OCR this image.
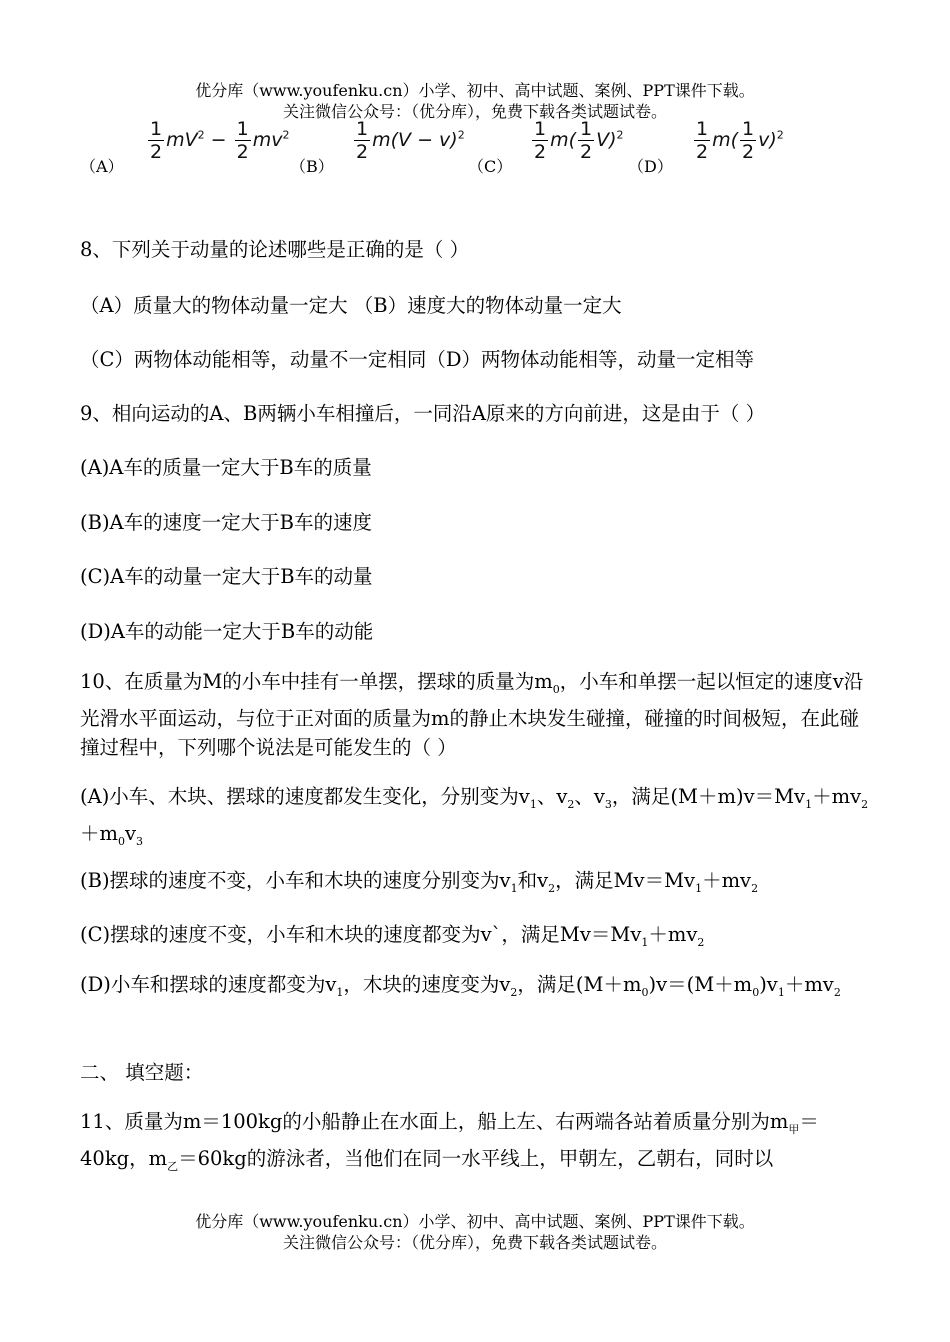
优分库（www.youfenku.cn）小学、初中、高中试题、案例、PPT课件下载。
关注微信公众号：（优分库），免费下载各类试题试卷。
（A）
$\frac{1}{2} mV^2 - \frac{1}{2} mv^2$
（B）
$\frac{1}{2} m(V - v)^2$
（C）
$\frac{1}{2} m( \frac{1}{2} V)^2$
（D）
$\frac{1}{2} m( \frac{1}{2} v)^2$
8、下列关于动量的论述哪些是正确的是（ ）
（A）质量大的物体动量一定大 （B）速度大的物体动量一定大
（C）两物体动能相等，动量不一定相同（D）两物体动能相等，动量一定相等
9、相向运动的A、B两辆小车相撞后，一同沿A原来的方向前进，这是由于（ ）
(A)A车的质量一定大于B车的质量
(B)A车的速度一定大于B车的速度
(C)A车的动量一定大于B车的动量
(D)A车的动能一定大于B车的动能
10、在质量为M的小车中挂有一单摆，摆球的质量为$m_0$，小车和单摆一起以恒定的速度v沿光滑水平面运动，与位于正对面的质量为m的静止木块发生碰撞，碰撞的时间极短，在此碰撞过程中，下列哪个说法是可能发生的（ ）
(A)小车、木块、摆球的速度都发生变化，分别变为$v_1$、$v_2$、$v_3$，满足$(M+m)v=Mv_1+mv_2+m_0v_3$
(B)摆球的速度不变，小车和木块的速度分别变为$v_1$和$v_2$，满足$Mv=Mv_1+mv_2$
(C)摆球的速度不变，小车和木块的速度都变为v`，满足$Mv=Mv_1+mv_2$
(D)小车和摆球的速度都变为$v_1$，木块的速度变为$v_2$，满足$(M+m_0)v=(M+m_0)v_1+mv_2$
二、 填空题：
11、质量为m＝100kg的小船静止在水面上，船上左、右两端各站着质量分别为$m_甲=40kg$，$m_乙=60kg$的游泳者，当他们在同一水平线上，甲朝左，乙朝右，同时以
优分库（www.youfenku.cn）小学、初中、高中试题、案例、PPT课件下载。
关注微信公众号：（优分库），免费下载各类试题试卷。
